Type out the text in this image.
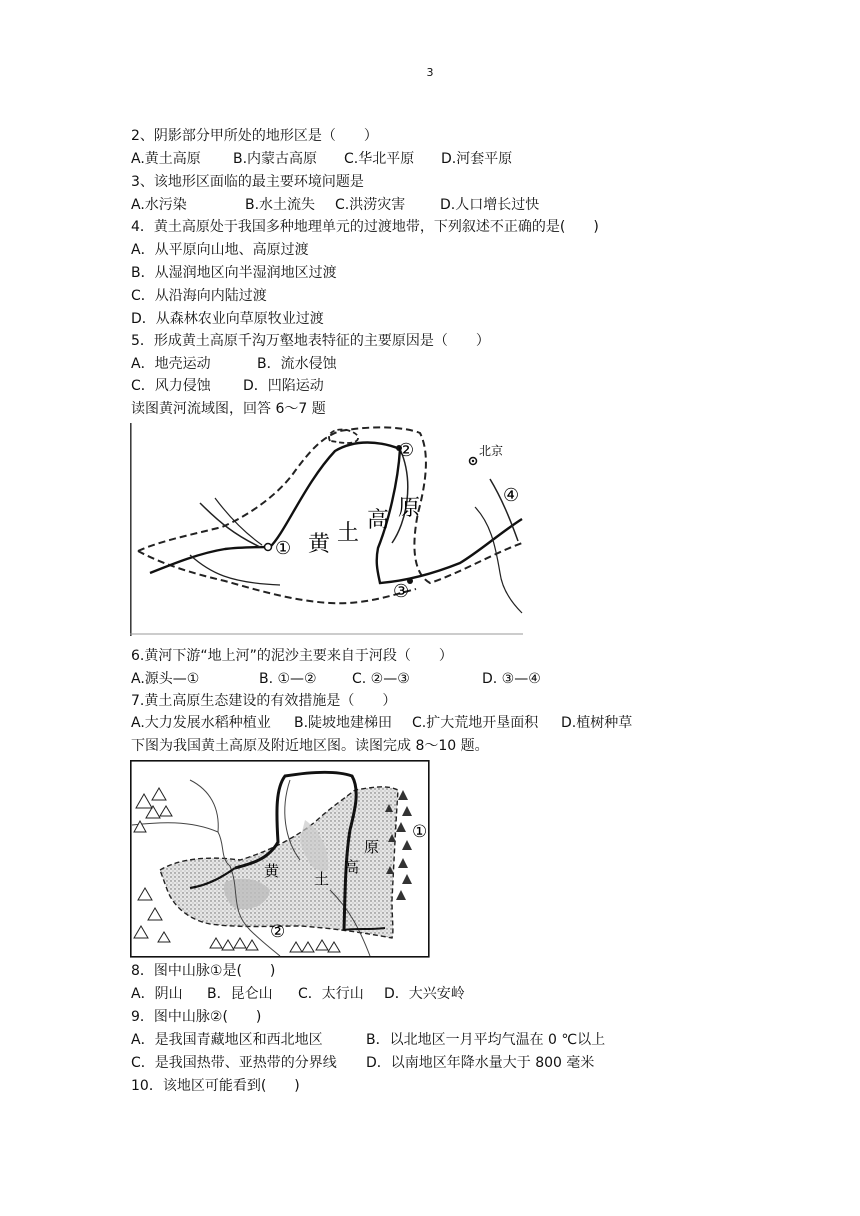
3
2、阴影部分甲所处的地形区是（　　）
A.黄土高原 B.内蒙古高原 C.华北平原 D.河套平原
3、该地形区面临的最主要环境问题是
A.水污染	B.水土流失 C.洪涝灾害 D.人口增长过快
4．黄土高原处于我国多种地理单元的过渡地带，下列叙述不正确的是(　　)
A．从平原向山地、高原过渡
B．从湿润地区向半湿润地区过渡
C．从沿海向内陆过渡
D．从森林农业向草原牧业过渡
5．形成黄土高原千沟万壑地表特征的主要原因是（　　）
A．地壳运动	B．流水侵蚀
C．风力侵蚀 D．凹陷运动
读图黄河流域图，回答 6～7 题
黄 土
高 原
北京
①
②
③
④
6.黄河下游“地上河”的泥沙主要来自于河段（　　）
A.源头—①	B. ①—②	C. ②—③	D. ③—④
7.黄土高原生态建设的有效措施是（　　）
A.大力发展水稻种植业 B.陡坡地建梯田 C.扩大荒地开垦面积 D.植树种草
下图为我国黄土高原及附近地区图。读图完成 8～10 题。
黄 土
高
原
①
②
8．图中山脉①是(　　)
A．阴山 B．昆仑山 C．太行山 D．大兴安岭
9．图中山脉②(　　)
A．是我国青藏地区和西北地区	B．以北地区一月平均气温在 0 ℃以上
C．是我国热带、亚热带的分界线 D．以南地区年降水量大于 800 毫米
10．该地区可能看到(　　)
